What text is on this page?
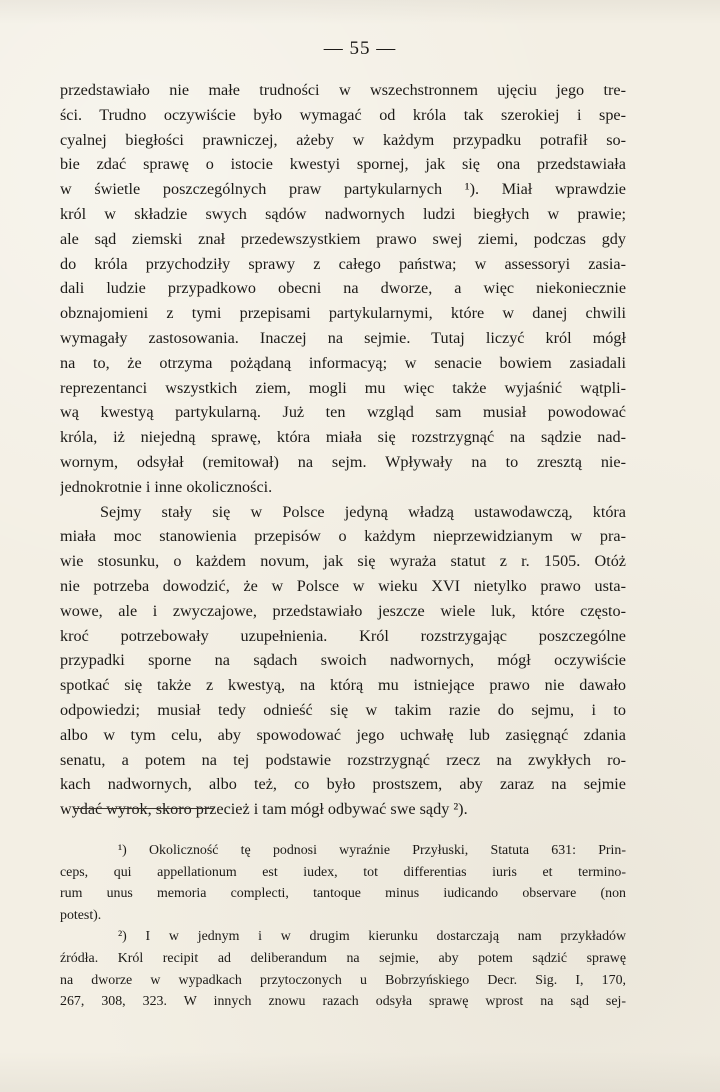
— 55 —
przedstawiało nie małe trudności w wszechstronnem ujęciu jego tre-
ści. Trudno oczywiście było wymagać od króla tak szerokiej i spe-
cyalnej biegłości prawniczej, ażeby w każdym przypadku potrafił so-
bie zdać sprawę o istocie kwestyi spornej, jak się ona przedstawiała
w świetle poszczególnych praw partykularnych ¹). Miał wprawdzie
król w składzie swych sądów nadwornych ludzi biegłych w prawie;
ale sąd ziemski znał przedewszystkiem prawo swej ziemi, podczas gdy
do króla przychodziły sprawy z całego państwa; w assessoryi zasia-
dali ludzie przypadkowo obecni na dworze, a więc niekoniecznie
obznajomieni z tymi przepisami partykularnymi, które w danej chwili
wymagały zastosowania. Inaczej na sejmie. Tutaj liczyć król mógł
na to, że otrzyma pożądaną informacyą; w senacie bowiem zasiadali
reprezentanci wszystkich ziem, mogli mu więc także wyjaśnić wątpli-
wą kwestyą partykularną. Już ten wzgląd sam musiał powodować
króla, iż niejedną sprawę, która miała się rozstrzygnąć na sądzie nad-
wornym, odsyłał (remitował) na sejm. Wpływały na to zresztą nie-
jednokrotnie i inne okoliczności.
Sejmy stały się w Polsce jedyną władzą ustawodawczą, która
miała moc stanowienia przepisów o każdym nieprzewidzianym w pra-
wie stosunku, o każdem novum, jak się wyraża statut z r. 1505. Otóż
nie potrzeba dowodzić, że w Polsce w wieku XVI nietylko prawo usta-
wowe, ale i zwyczajowe, przedstawiało jeszcze wiele luk, które często-
kroć potrzebowały uzupełnienia. Król rozstrzygając poszczególne
przypadki sporne na sądach swoich nadwornych, mógł oczywiście
spotkać się także z kwestyą, na którą mu istniejące prawo nie dawało
odpowiedzi; musiał tedy odnieść się w takim razie do sejmu, i to
albo w tym celu, aby spowodować jego uchwałę lub zasięgnąć zdania
senatu, a potem na tej podstawie rozstrzygnąć rzecz na zwykłych ro-
kach nadwornych, albo też, co było prostszem, aby zaraz na sejmie
wydać wyrok, skoro przecież i tam mógł odbywać swe sądy ²).
¹) Okoliczność tę podnosi wyraźnie Przyłuski, Statuta 631: Prin-
ceps, qui appellationum est iudex, tot differentias iuris et termino-
rum unus memoria complecti, tantoque minus iudicando observare (non
potest).
²) I w jednym i w drugim kierunku dostarczają nam przykładów
źródła. Król recipit ad deliberandum na sejmie, aby potem sądzić sprawę
na dworze w wypadkach przytoczonych u Bobrzyńskiego Decr. Sig. I, 170,
267, 308, 323. W innych znowu razach odsyła sprawę wprost na sąd sej-
